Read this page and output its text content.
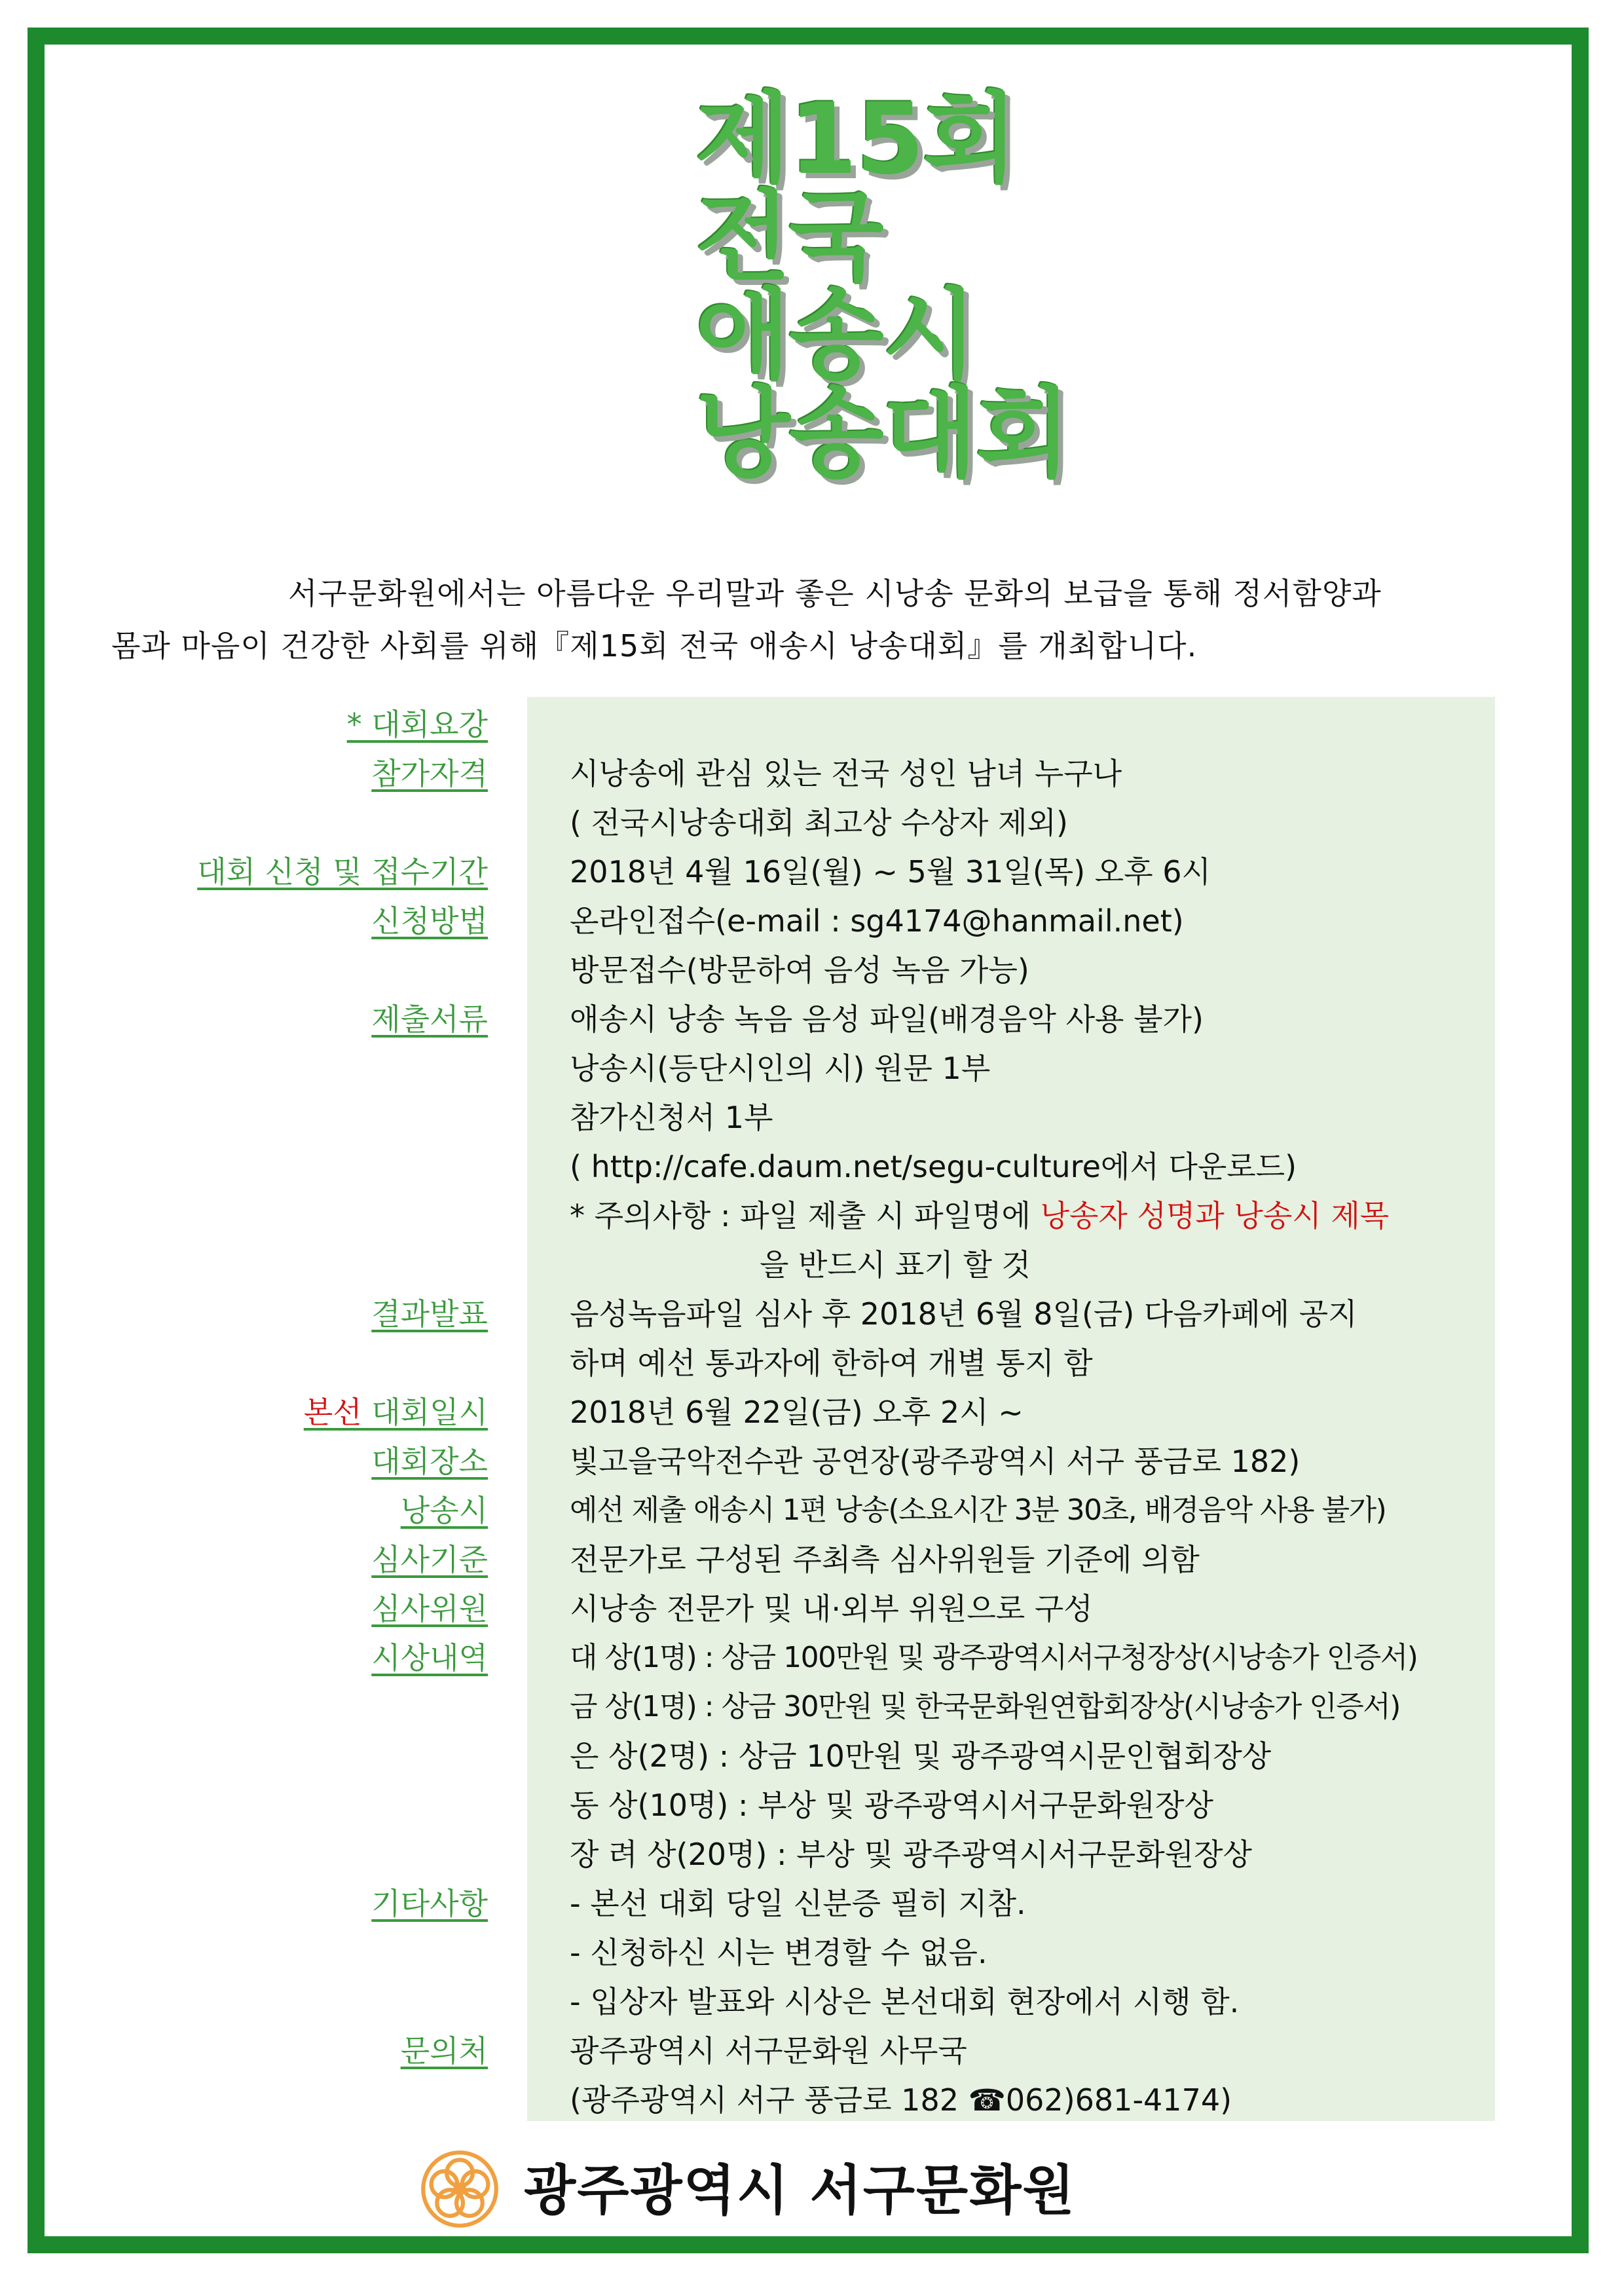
제15회
전국
애송시
낭송대회

서구문화원에서는 아름다운 우리말과 좋은 시낭송 문화의 보급을 통해 정서함양과

몸과 마음이 건강한 사회를 위해『제15회 전국 애송시 낭송대회』를 개최합니다.

* 대회요강
참가자격	시낭송에 관심 있는 전국 성인 남녀 누구나
( 전국시낭송대회 최고상 수상자 제외)
대회 신청 및 접수기간	2018년 4월 16일(월) ~ 5월 31일(목) 오후 6시
신청방법	온라인접수(e-mail : sg4174@hanmail.net)
방문접수(방문하여 음성 녹음 가능)
제출서류	애송시 낭송 녹음 음성 파일(배경음악 사용 불가)
낭송시(등단시인의 시) 원문 1부
참가신청서 1부
( http://cafe.daum.net/segu-culture에서 다운로드)
* 주의사항 : 파일 제출 시 파일명에 낭송자 성명과 낭송시 제목
을 반드시 표기 할 것
결과발표	음성녹음파일 심사 후 2018년 6월 8일(금) 다음카페에 공지
하며 예선 통과자에 한하여 개별 통지 함
본선 대회일시	2018년 6월 22일(금) 오후 2시 ~
대회장소	빛고을국악전수관 공연장(광주광역시 서구 풍금로 182)
낭송시	예선 제출 애송시 1편 낭송(소요시간 3분 30초, 배경음악 사용 불가)
심사기준	전문가로 구성된 주최측 심사위원들 기준에 의함
심사위원	시낭송 전문가 및 내·외부 위원으로 구성
시상내역	대 상(1명) : 상금 100만원 및 광주광역시서구청장상(시낭송가 인증서)
금 상(1명) : 상금 30만원 및 한국문화원연합회장상(시낭송가 인증서)
은 상(2명) : 상금 10만원 및 광주광역시문인협회장상
동 상(10명) : 부상 및 광주광역시서구문화원장상
장 려 상(20명) : 부상 및 광주광역시서구문화원장상
기타사항	- 본선 대회 당일 신분증 필히 지참.
- 신청하신 시는 변경할 수 없음.
- 입상자 발표와 시상은 본선대회 현장에서 시행 함.
문의처	광주광역시 서구문화원 사무국
(광주광역시 서구 풍금로 182 ☎062)681-4174)
광주광역시 서구문화원
